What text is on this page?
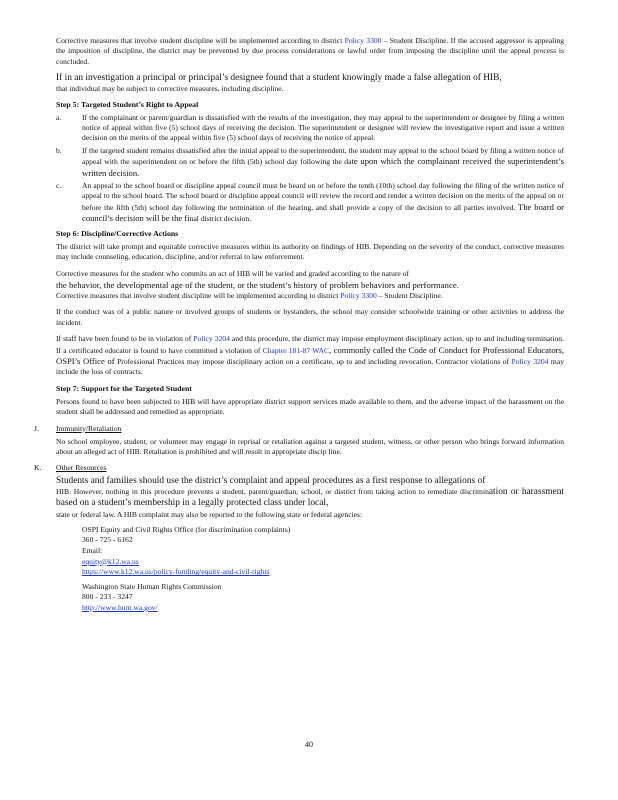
Corrective measures that involve student discipline will be implemented according to district Policy 3300 – Student Discipline. If the accused aggressor is appealing the imposition of discipline, the district may be prevented by due process considerations or lawful order from imposing the discipline until the appeal process is concluded.

If in an investigation a principal or principal’s designee found that a student knowingly made a false allegation of HIB,

that individual may be subject to corrective measures, including discipline.

Step 5: Targeted Student’s Right to Appeal
a.	If the complainant or parent/guardian is dissatisfied with the results of the investigation, they may appeal to the superintendent or designee by filing a written notice of appeal within five (5) school days of receiving the decision. The superintendent or designee will review the investigative report and issue a written decision on the merits of the appeal within five (5) school days of receiving the notice of appeal.
b.	If the targeted student remains dissatisfied after the initial appeal to the superintendent, the student may appeal to the school board by filing a written notice of appeal with the superintendent on or before the fifth (5th) school day following the date upon which the complainant received the superintendent’s written decision.
c.	An appeal to the school board or discipline appeal council must be heard on or before the tenth (10th) school day following the filing of the written notice of appeal to the school board. The school board or discipline appeal council will review the record and render a written decision on the merits of the appeal on or before the fifth (5th) school day following the termination of the hearing, and shall provide a copy of the decision to all parties involved. The board or council’s decision will be the final district decision.
Step 6: Discipline/Corrective Actions

The district will take prompt and equitable corrective measures within its authority on findings of HIB. Depending on the severity of the conduct, corrective measures may include counseling, education, discipline, and/or referral to law enforcement.

Corrective measures for the student who commits an act of HIB will be varied and graded according to the nature of

the behavior, the developmental age of the student, or the student’s history of problem behaviors and performance.

Corrective measures that involve student discipline will be implemented according to district Policy 3300 – Student Discipline.

If the conduct was of a public nature or involved groups of students or bystanders, the school may consider schoolwide training or other activities to address the incident.

If staff have been found to be in violation of Policy 3204 and this procedure, the district may impose employment disciplinary action, up to and including termination. If a certificated educator is found to have committed a violation of Chapter 181-87 WAC, commonly called the Code of Conduct for Professional Educators, OSPI’s Office of Professional Practices may impose disciplinary action on a certificate, up to and including revocation. Contractor violations of Policy 3204 may include the loss of contracts.

Step 7: Support for the Targeted Student

Persons found to have been subjected to HIB will have appropriate district support services made available to them, and the adverse impact of the harassment on the student shall be addressed and remedied as appropriate.

J. Immunity/Retaliation

No school employee, student, or volunteer may engage in reprisal or retaliation against a targeted student, witness, or other person who brings forward information about an alleged act of HIB. Retaliation is prohibited and will result in appropriate discip line.

K. Other Resources

Students and families should use the district’s complaint and appeal procedures as a first response to allegations of

HIB. However, nothing in this procedure prevents a student, parent/guardian, school, or district from taking action to remediate discrimination or harassment based on a student’s membership in a legally protected class under local,

state or federal law. A HIB complaint may also be reported to the following state or federal agencies:

OSPI Equity and Civil Rights Office (for discrimination complaints)
360 - 725 - 6162
Email:
equity@k12.wa.us
https://www.k12.wa.us/policy-funding/equity-and-civil-rights
Washington State Human Rights Commission
800 - 233 - 3247
http://www.hum.wa.gov/
40
